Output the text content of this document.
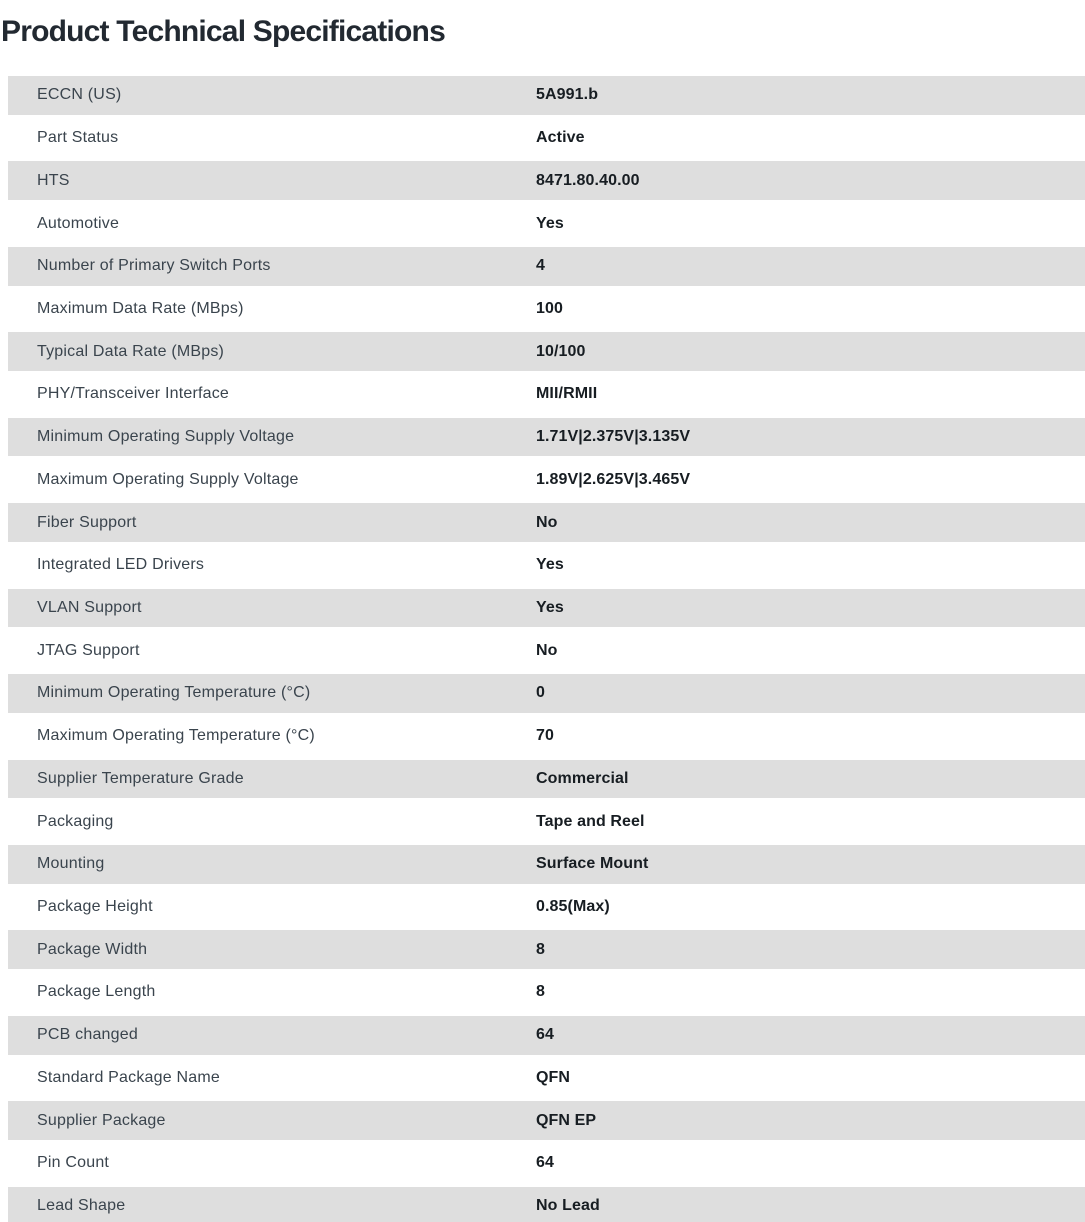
Product Technical Specifications
ECCN (US)	5A991.b
Part Status	Active
HTS	8471.80.40.00
Automotive	Yes
Number of Primary Switch Ports	4
Maximum Data Rate (MBps)	100
Typical Data Rate (MBps)	10/100
PHY/Transceiver Interface	MII/RMII
Minimum Operating Supply Voltage	1.71V|2.375V|3.135V
Maximum Operating Supply Voltage	1.89V|2.625V|3.465V
Fiber Support	No
Integrated LED Drivers	Yes
VLAN Support	Yes
JTAG Support	No
Minimum Operating Temperature (°C)	0
Maximum Operating Temperature (°C)	70
Supplier Temperature Grade	Commercial
Packaging	Tape and Reel
Mounting	Surface Mount
Package Height	0.85(Max)
Package Width	8
Package Length	8
PCB changed	64
Standard Package Name	QFN
Supplier Package	QFN EP
Pin Count	64
Lead Shape	No Lead
